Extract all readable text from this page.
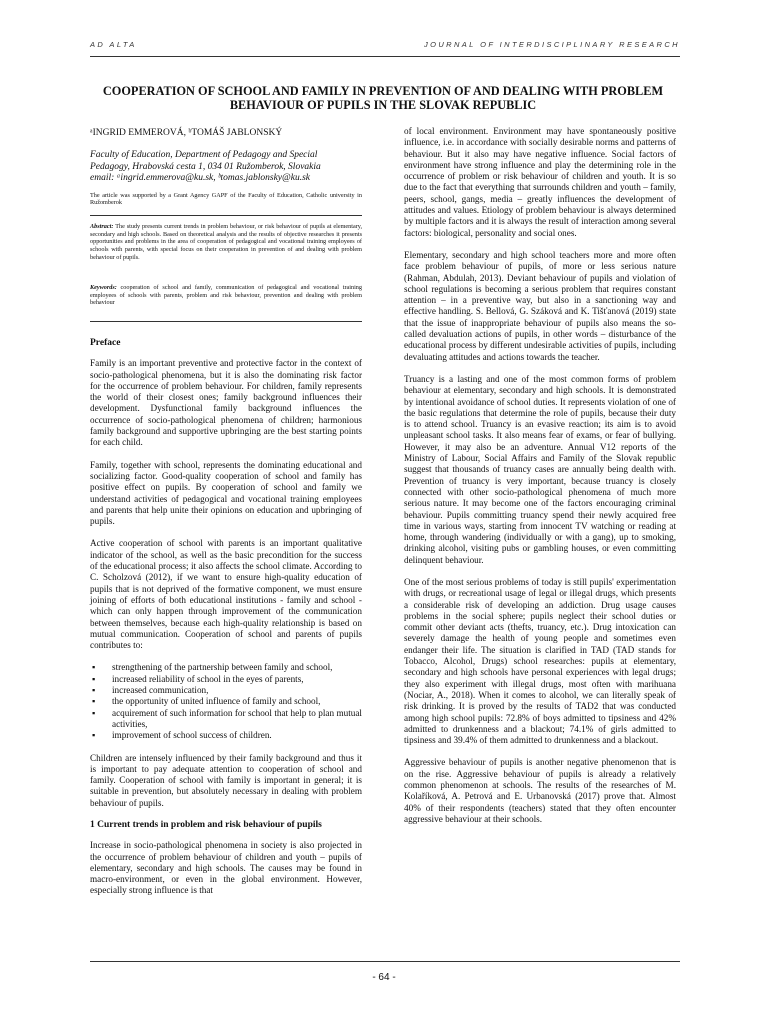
AD ALTA	JOURNAL OF INTERDISCIPLINARY RESEARCH
COOPERATION OF SCHOOL AND FAMILY IN PREVENTION OF AND DEALING WITH PROBLEM BEHAVIOUR OF PUPILS IN THE SLOVAK REPUBLIC
ᵃINGRID EMMEROVÁ, ᵇTOMÁŠ JABLONSKÝ
Faculty of Education, Department of Pedagogy and Special
Pedagogy, Hrabovská cesta 1, 034 01 Ružomberok, Slovakia
email: ᵃingrid.emmerova@ku.sk, ᵇtomas.jablonsky@ku.sk
The article was supported by a Grant Agency GAPF of the Faculty of Education, Catholic university in Ružomberok
Abstract: The study presents current trends in problem behaviour, or risk behaviour of pupils at elementary, secondary and high schools. Based on theoretical analysis and the results of objective researches it presents opportunities and problems in the area of cooperation of pedagogical and vocational training employees of schools with parents, with special focus on their cooperation in prevention of and dealing with problem behaviour of pupils.
Keywords: cooperation of school and family, communication of pedagogical and vocational training employees of schools with parents, problem and risk behaviour, prevention and dealing with problem behaviour
Preface

Family is an important preventive and protective factor in the context of socio-pathological phenomena, but it is also the dominating risk factor for the occurrence of problem behaviour. For children, family represents the world of their closest ones; family background influences their development. Dysfunctional family background influences the occurrence of socio-pathological phenomena of children; harmonious family background and supportive upbringing are the best starting points for each child.

Family, together with school, represents the dominating educational and socializing factor. Good-quality cooperation of school and family has positive effect on pupils. By cooperation of school and family we understand activities of pedagogical and vocational training employees and parents that help unite their opinions on education and upbringing of pupils.

Active cooperation of school with parents is an important qualitative indicator of the school, as well as the basic precondition for the success of the educational process; it also affects the school climate. According to C. Scholzová (2012), if we want to ensure high-quality education of pupils that is not deprived of the formative component, we must ensure joining of efforts of both educational institutions - family and school - which can only happen through improvement of the communication between themselves, because each high-quality relationship is based on mutual communication. Cooperation of school and parents of pupils contributes to:

▪ strengthening of the partnership between family and school,
▪ increased reliability of school in the eyes of parents,
▪ increased communication,
▪ the opportunity of united influence of family and school,
▪ acquirement of such information for school that help to plan mutual activities,
▪ improvement of school success of children.

Children are intensely influenced by their family background and thus it is important to pay adequate attention to cooperation of school and family. Cooperation of school with family is important in general; it is suitable in prevention, but absolutely necessary in dealing with problem behaviour of pupils.

1 Current trends in problem and risk behaviour of pupils

Increase in socio-pathological phenomena in society is also projected in the occurrence of problem behaviour of children and youth – pupils of elementary, secondary and high schools. The causes may be found in macro-environment, or even in the global environment. However, especially strong influence is that

of local environment. Environment may have spontaneously positive influence, i.e. in accordance with socially desirable norms and patterns of behaviour. But it also may have negative influence. Social factors of environment have strong influence and play the determining role in the occurrence of problem or risk behaviour of children and youth. It is so due to the fact that everything that surrounds children and youth – family, peers, school, gangs, media – greatly influences the development of attitudes and values. Etiology of problem behaviour is always determined by multiple factors and it is always the result of interaction among several factors: biological, personality and social ones.

Elementary, secondary and high school teachers more and more often face problem behaviour of pupils, of more or less serious nature (Rahman, Abdulah, 2013). Deviant behaviour of pupils and violation of school regulations is becoming a serious problem that requires constant attention – in a preventive way, but also in a sanctioning way and effective handling. S. Bellová, G. Száková and K. Tišťanová (2019) state that the issue of inappropriate behaviour of pupils also means the so-called devaluation actions of pupils, in other words – disturbance of the educational process by different undesirable activities of pupils, including devaluating attitudes and actions towards the teacher.

Truancy is a lasting and one of the most common forms of problem behaviour at elementary, secondary and high schools. It is demonstrated by intentional avoidance of school duties. It represents violation of one of the basic regulations that determine the role of pupils, because their duty is to attend school. Truancy is an evasive reaction; its aim is to avoid unpleasant school tasks. It also means fear of exams, or fear of bullying. However, it may also be an adventure. Annual V12 reports of the Ministry of Labour, Social Affairs and Family of the Slovak republic suggest that thousands of truancy cases are annually being dealth with. Prevention of truancy is very important, because truancy is closely connected with other socio-pathological phenomena of much more serious nature. It may become one of the factors encouraging criminal behaviour. Pupils committing truancy spend their newly acquired free time in various ways, starting from innocent TV watching or reading at home, through wandering (individually or with a gang), up to smoking, drinking alcohol, visiting pubs or gambling houses, or even committing delinquent behaviour.

One of the most serious problems of today is still pupils' experimentation with drugs, or recreational usage of legal or illegal drugs, which presents a considerable risk of developing an addiction. Drug usage causes problems in the social sphere; pupils neglect their school duties or commit other deviant acts (thefts, truancy, etc.). Drug intoxication can severely damage the health of young people and sometimes even endanger their life. The situation is clarified in TAD (TAD stands for Tobacco, Alcohol, Drugs) school researches: pupils at elementary, secondary and high schools have personal experiences with legal drugs; they also experiment with illegal drugs, most often with marihuana (Nociar, A., 2018). When it comes to alcohol, we can literally speak of risk drinking. It is proved by the results of TAD2 that was conducted among high school pupils: 72.8% of boys admitted to tipsiness and 42% admitted to drunkenness and a blackout; 74.1% of girls admitted to tipsiness and 39.4% of them admitted to drunkenness and a blackout.

Aggressive behaviour of pupils is another negative phenomenon that is on the rise. Aggressive behaviour of pupils is already a relatively common phenomenon at schools. The results of the researches of M. Kolaříková, A. Petrová and E. Urbanovská (2017) prove that. Almost 40% of their respondents (teachers) stated that they often encounter aggressive behaviour at their schools.

- 64 -
